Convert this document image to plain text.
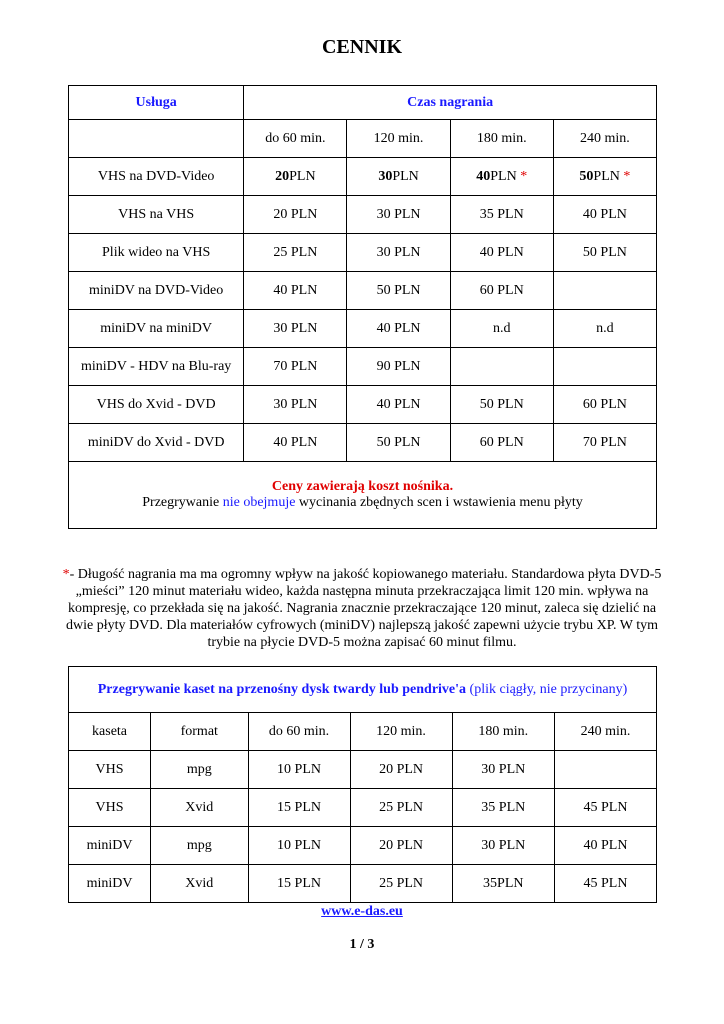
CENNIK
Usługa	Czas nagrania			
	do 60 min.	120 min.	180 min.	240 min.
VHS na DVD-Video	20PLN	30PLN	40PLN *	50PLN *
VHS na VHS	20 PLN	30 PLN	35 PLN	40 PLN
Plik wideo na VHS	25 PLN	30 PLN	40 PLN	50 PLN
miniDV na DVD-Video	40 PLN	50 PLN	60 PLN	
miniDV na miniDV	30 PLN	40 PLN	n.d	n.d
miniDV - HDV na Blu-ray	70 PLN	90 PLN		
VHS do Xvid - DVD	30 PLN	40 PLN	50 PLN	60 PLN
miniDV do Xvid - DVD	40 PLN	50 PLN	60 PLN	70 PLN

Ceny zawierają koszt nośnika.
Przegrywanie nie obejmuje wycinania zbędnych scen i wstawienia menu płyty				
*- Długość nagrania ma ma ogromny wpływ na jakość kopiowanego materiału. Standardowa płyta DVD-5 „mieści” 120 minut materiału wideo, każda następna minuta przekraczająca limit 120 min. wpływa na kompresję, co przekłada się na jakość. Nagrania znacznie przekraczające 120 minut, zaleca się dzielić na dwie płyty DVD. Dla materiałów cyfrowych (miniDV) najlepszą jakość zapewni użycie trybu XP. W tym trybie na płycie DVD-5 można zapisać 60 minut filmu.
Przegrywanie kaset na przenośny dysk twardy lub pendrive'a (plik ciągły, nie przycinany)					
kaseta	format	do 60 min.	120 min.	180 min.	240 min.
VHS	mpg	10 PLN	20 PLN	30 PLN	
VHS	Xvid	15 PLN	25 PLN	35 PLN	45 PLN
miniDV	mpg	10 PLN	20 PLN	30 PLN	40 PLN
miniDV	Xvid	15 PLN	25 PLN	35PLN	45 PLN
www.e-das.eu
1 / 3
